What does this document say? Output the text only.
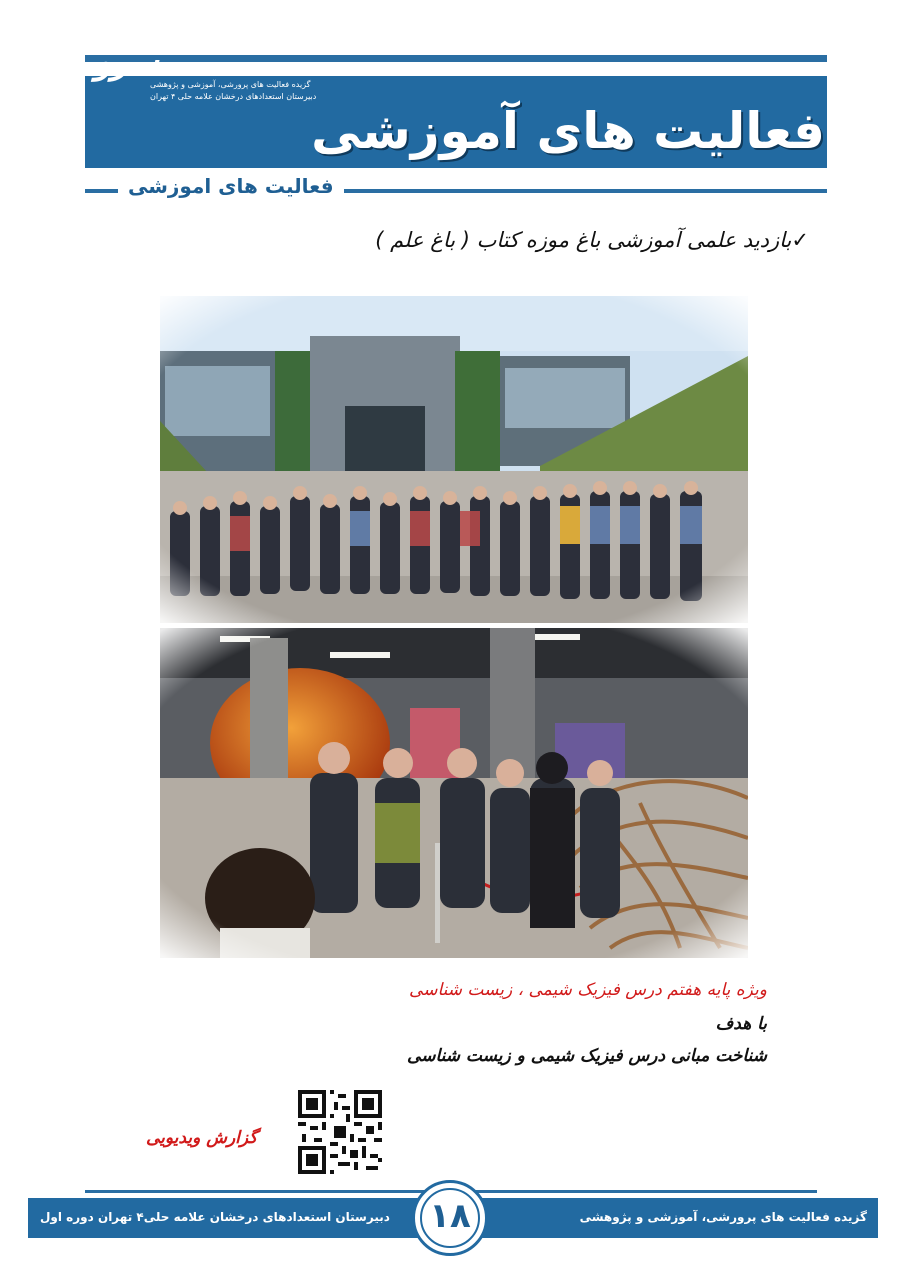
سرو
گزیده فعالیت های پرورشی، آموزشی و پژوهشی
دبیرستان استعدادهای درخشان علامه حلی ۴ تهران
فعالیت های آموزشی
فعالیت های اموزشی
✓بازدید علمی آموزشی باغ موزه کتاب ( باغ علم )
ویژه پایه هفتم درس فیزیک شیمی ، زیست شناسی
با هدف
شناخت مبانی درس فیزیک شیمی و زیست شناسی
گزارش ویدیویی
دبیرستان استعدادهای درخشان علامه حلی۴ تهران دوره اول	گزیده فعالیت های پرورشی، آموزشی و پژوهشی
۱۸
